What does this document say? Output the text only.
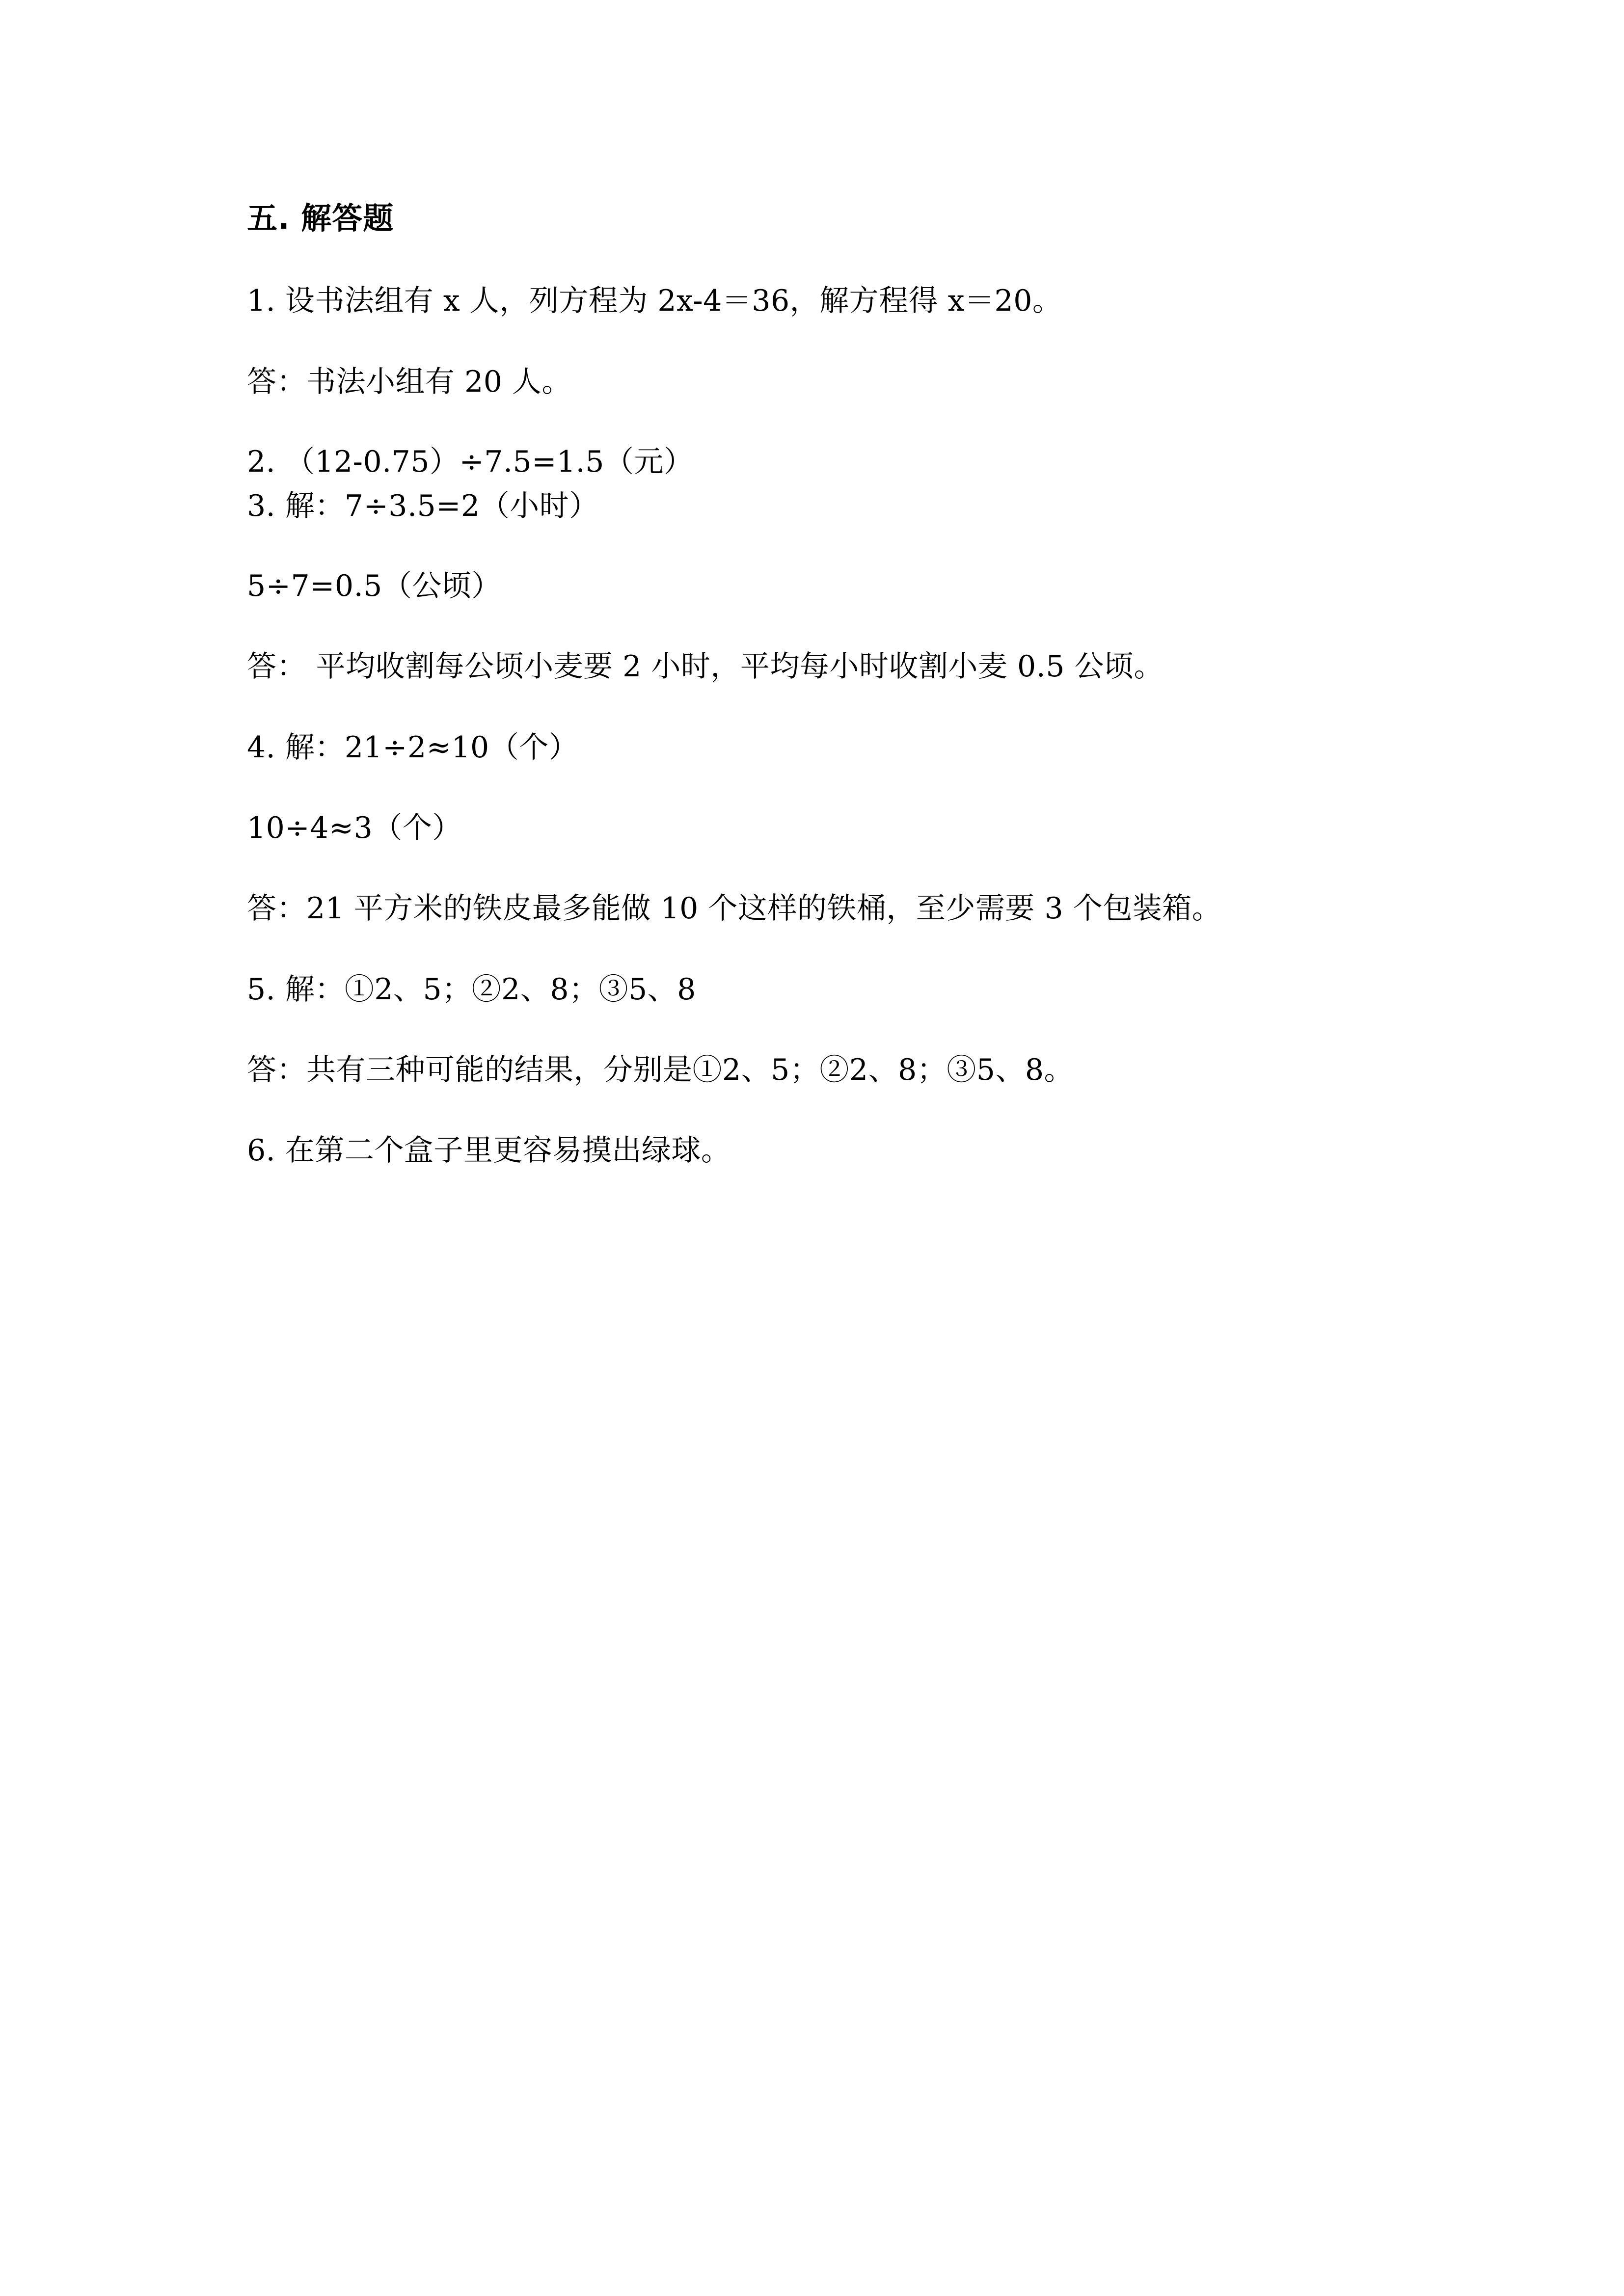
五. 解答题
1. 设书法组有 x 人，列方程为 2x-4＝36，解方程得 x＝20。
答：书法小组有 20 人。
2. （12-0.75）÷7.5=1.5（元）
3. 解：7÷3.5=2（小时）
5÷7=0.5（公顷）
答： 平均收割每公顷小麦要 2 小时，平均每小时收割小麦 0.5 公顷。
4. 解：21÷2≈10（个）
10÷4≈3（个）
答：21 平方米的铁皮最多能做 10 个这样的铁桶，至少需要 3 个包装箱。
5. 解：①2、5；②2、8；③5、8
答：共有三种可能的结果，分别是①2、5；②2、8；③5、8。
6. 在第二个盒子里更容易摸出绿球。
